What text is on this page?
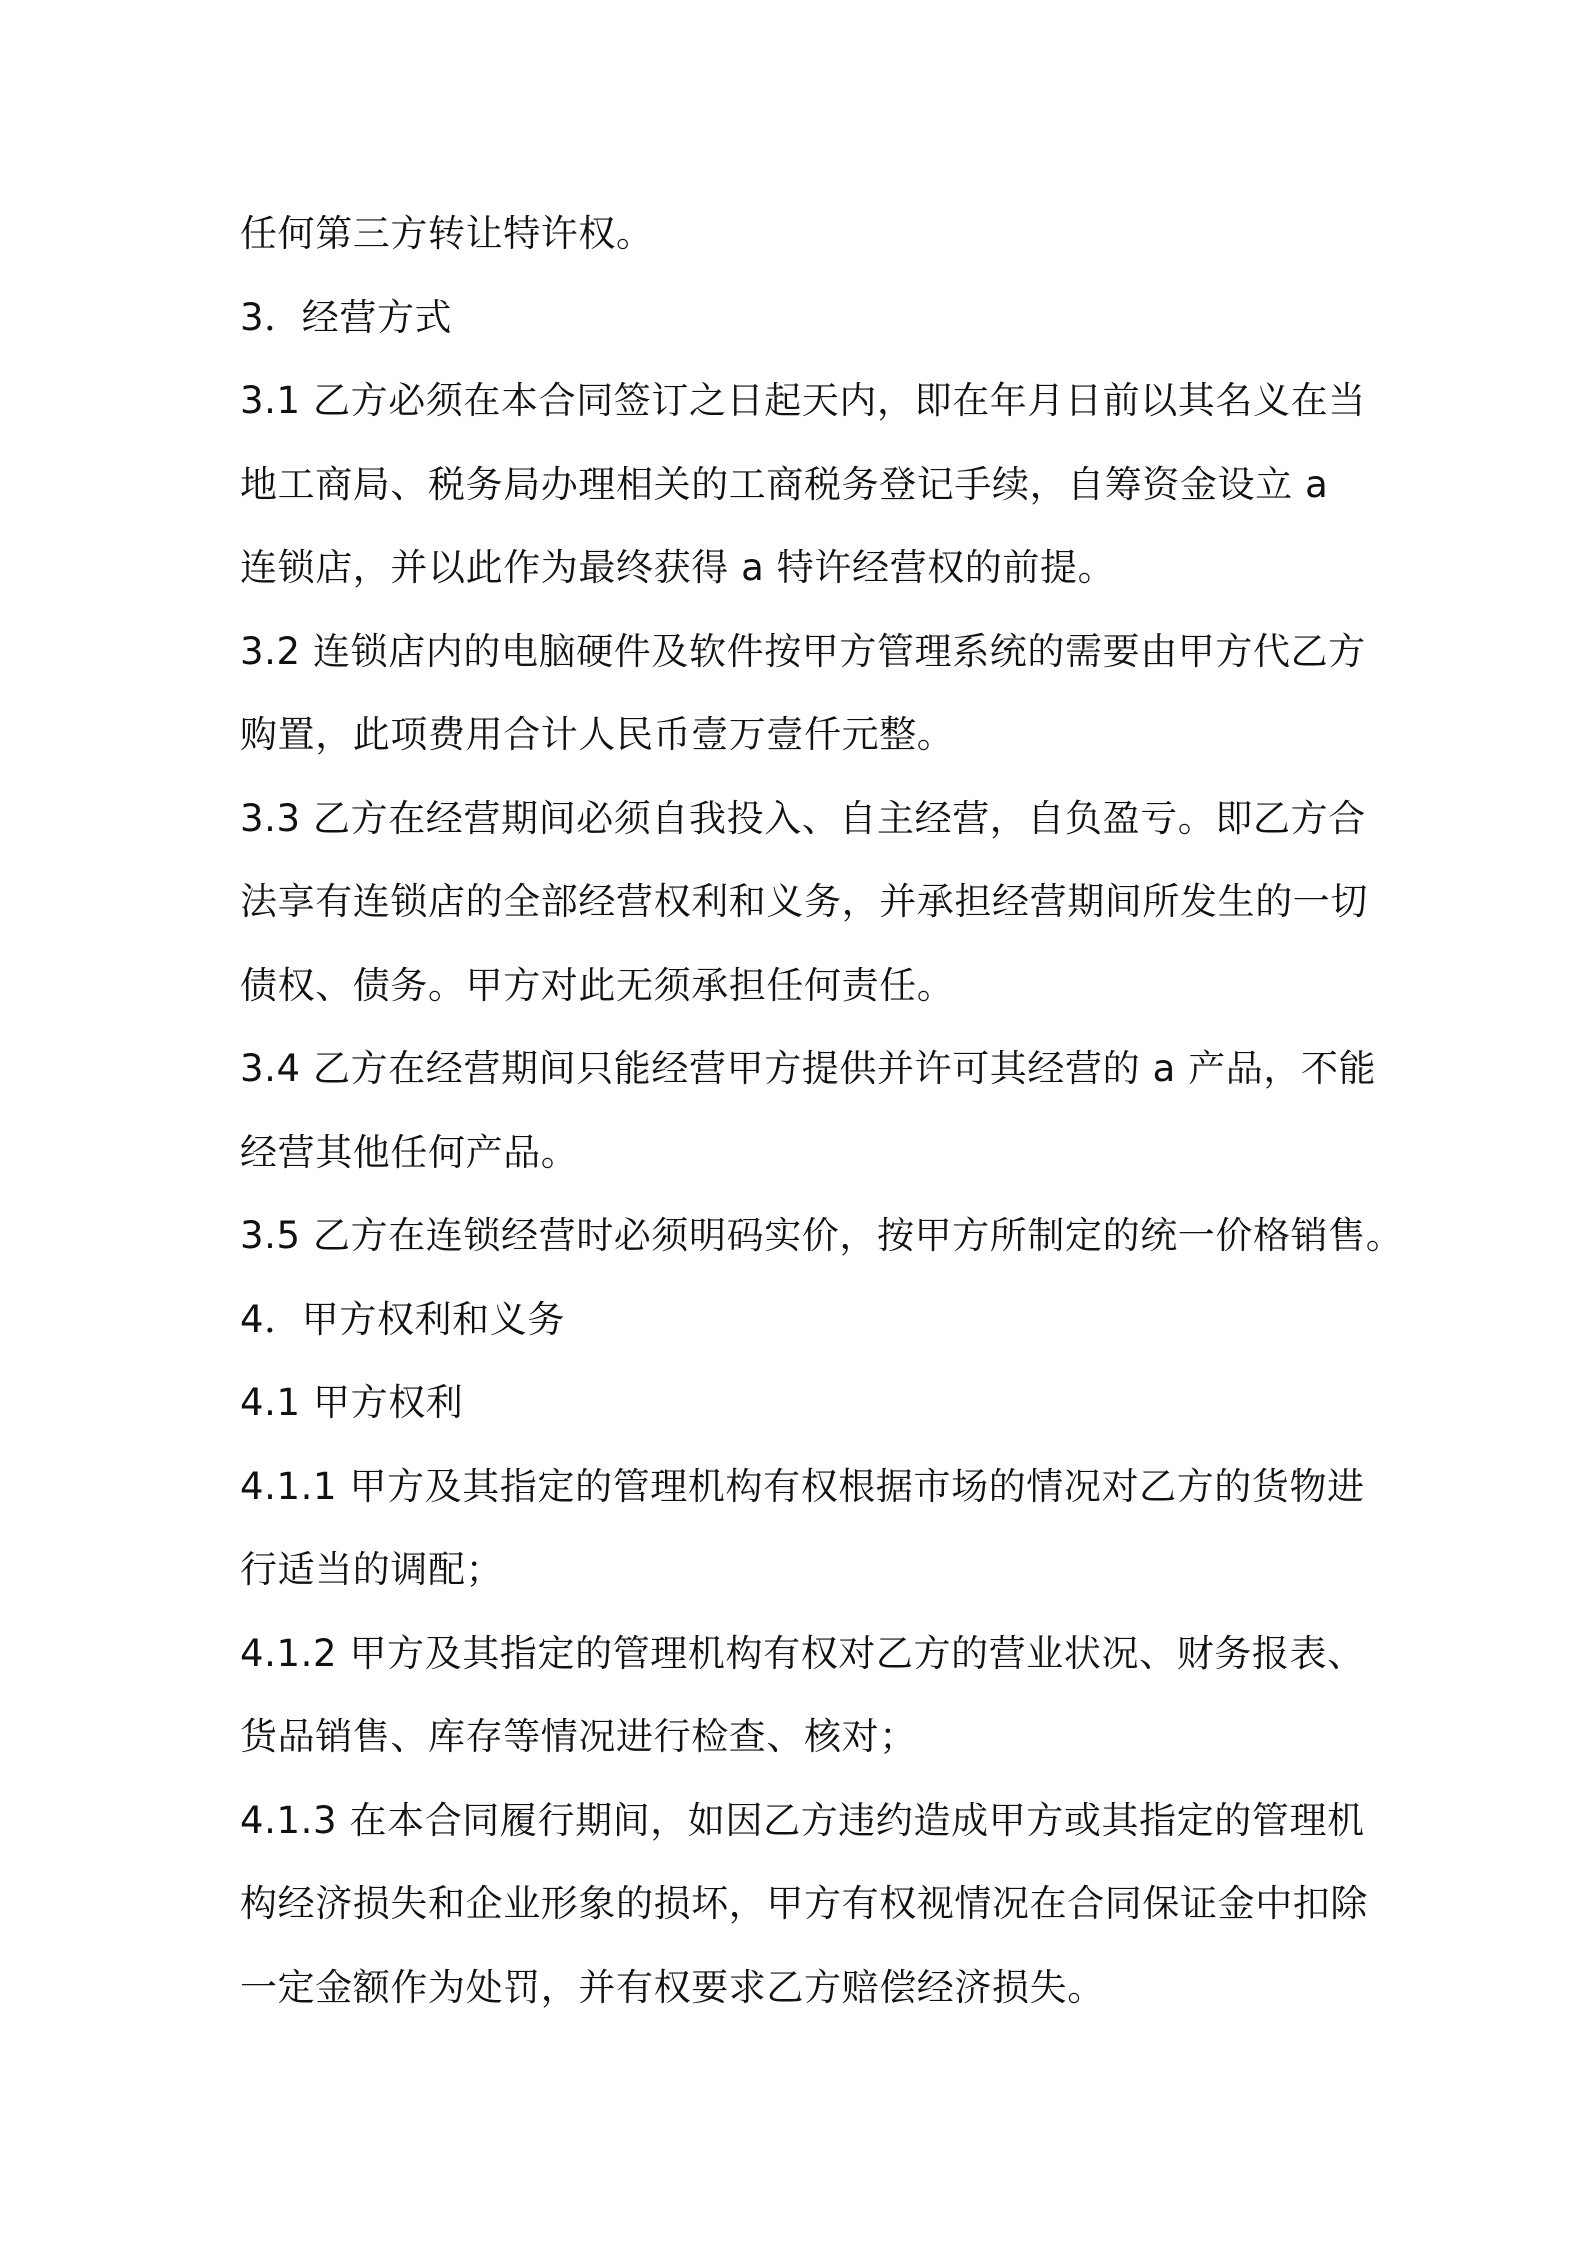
任何第三方转让特许权。
3．经营方式
3.1 乙方必须在本合同签订之日起天内，即在年月日前以其名义在当
地工商局、税务局办理相关的工商税务登记手续，自筹资金设立 a
连锁店，并以此作为最终获得 a 特许经营权的前提。
3.2 连锁店内的电脑硬件及软件按甲方管理系统的需要由甲方代乙方
购置，此项费用合计人民币壹万壹仟元整。
3.3 乙方在经营期间必须自我投入、自主经营，自负盈亏。即乙方合
法享有连锁店的全部经营权利和义务，并承担经营期间所发生的一切
债权、债务。甲方对此无须承担任何责任。
3.4 乙方在经营期间只能经营甲方提供并许可其经营的 a 产品，不能
经营其他任何产品。
3.5 乙方在连锁经营时必须明码实价，按甲方所制定的统一价格销售。
4．甲方权利和义务
4.1 甲方权利
4.1.1 甲方及其指定的管理机构有权根据市场的情况对乙方的货物进
行适当的调配；
4.1.2 甲方及其指定的管理机构有权对乙方的营业状况、财务报表、
货品销售、库存等情况进行检查、核对；
4.1.3 在本合同履行期间，如因乙方违约造成甲方或其指定的管理机
构经济损失和企业形象的损坏，甲方有权视情况在合同保证金中扣除
一定金额作为处罚，并有权要求乙方赔偿经济损失。
